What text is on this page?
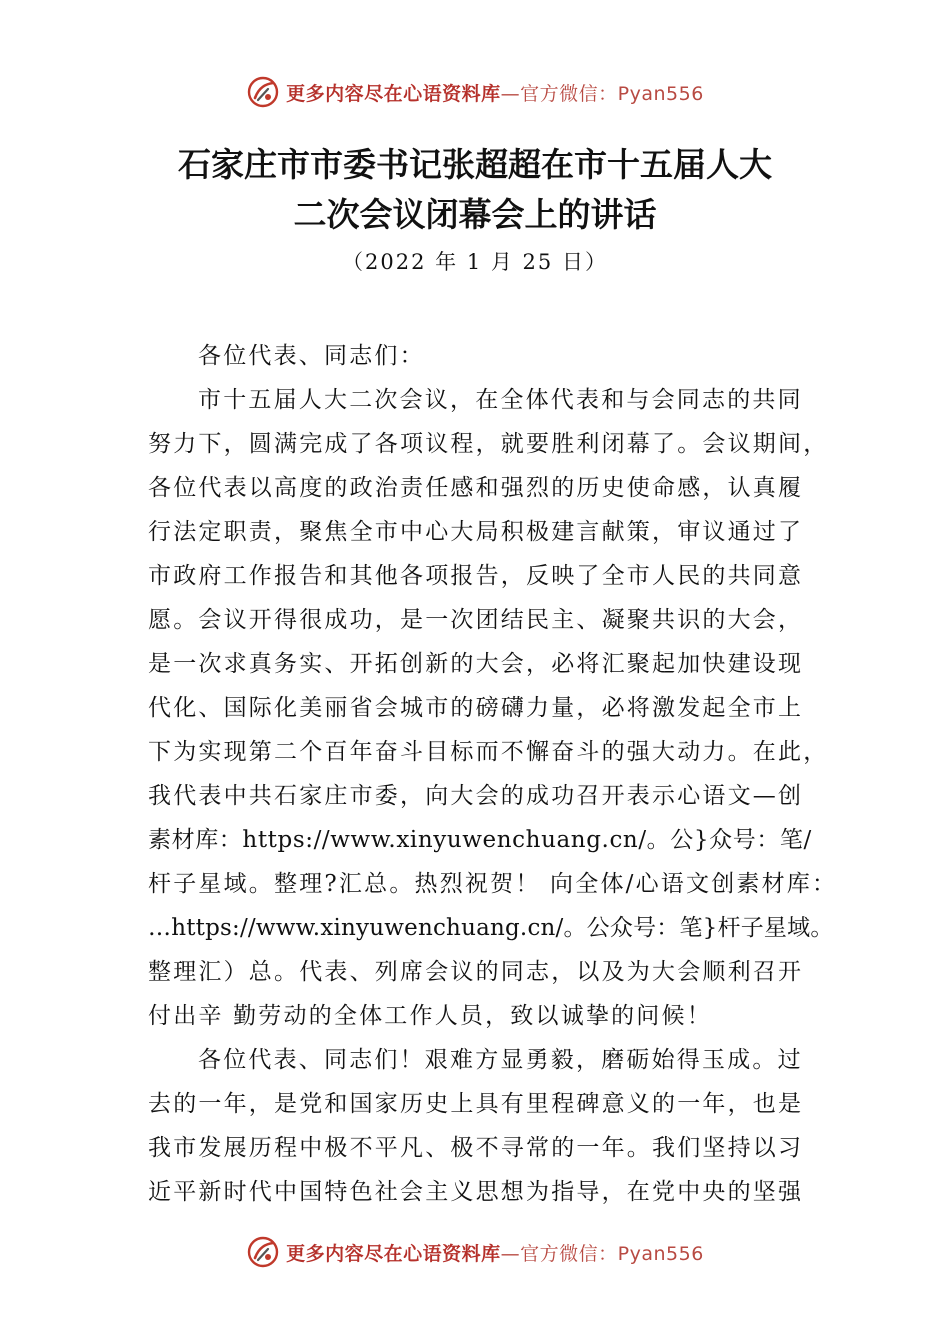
更多内容尽在心语资料库—官方微信：Pyan556
石家庄市市委书记张超超在市十五届人大
二次会议闭幕会上的讲话
（2022 年 1 月 25 日）
各位代表、同志们：
市十五届人大二次会议，在全体代表和与会同志的共同
努力下，圆满完成了各项议程，就要胜利闭幕了。会议期间，
各位代表以高度的政治责任感和强烈的历史使命感，认真履
行法定职责，聚焦全市中心大局积极建言献策，审议通过了
市政府工作报告和其他各项报告，反映了全市人民的共同意
愿。会议开得很成功，是一次团结民主、凝聚共识的大会，
是一次求真务实、开拓创新的大会，必将汇聚起加快建设现
代化、国际化美丽省会城市的磅礴力量，必将激发起全市上
下为实现第二个百年奋斗目标而不懈奋斗的强大动力。在此，
我代表中共石家庄市委，向大会的成功召开表示心语文—创
素材库：https://www.xinyuwenchuang.cn/。公}众号：笔/
杆子星域。整理?汇总。热烈祝贺！ 向全体/心语文创素材库：
…https://www.xinyuwenchuang.cn/。公众号：笔}杆子星域。
整理汇）总。代表、列席会议的同志，以及为大会顺利召开
付出辛 勤劳动的全体工作人员，致以诚挚的问候！
各位代表、同志们！艰难方显勇毅，磨砺始得玉成。过
去的一年，是党和国家历史上具有里程碑意义的一年，也是
我市发展历程中极不平凡、极不寻常的一年。我们坚持以习
近平新时代中国特色社会主义思想为指导，在党中央的坚强
更多内容尽在心语资料库—官方微信：Pyan556
